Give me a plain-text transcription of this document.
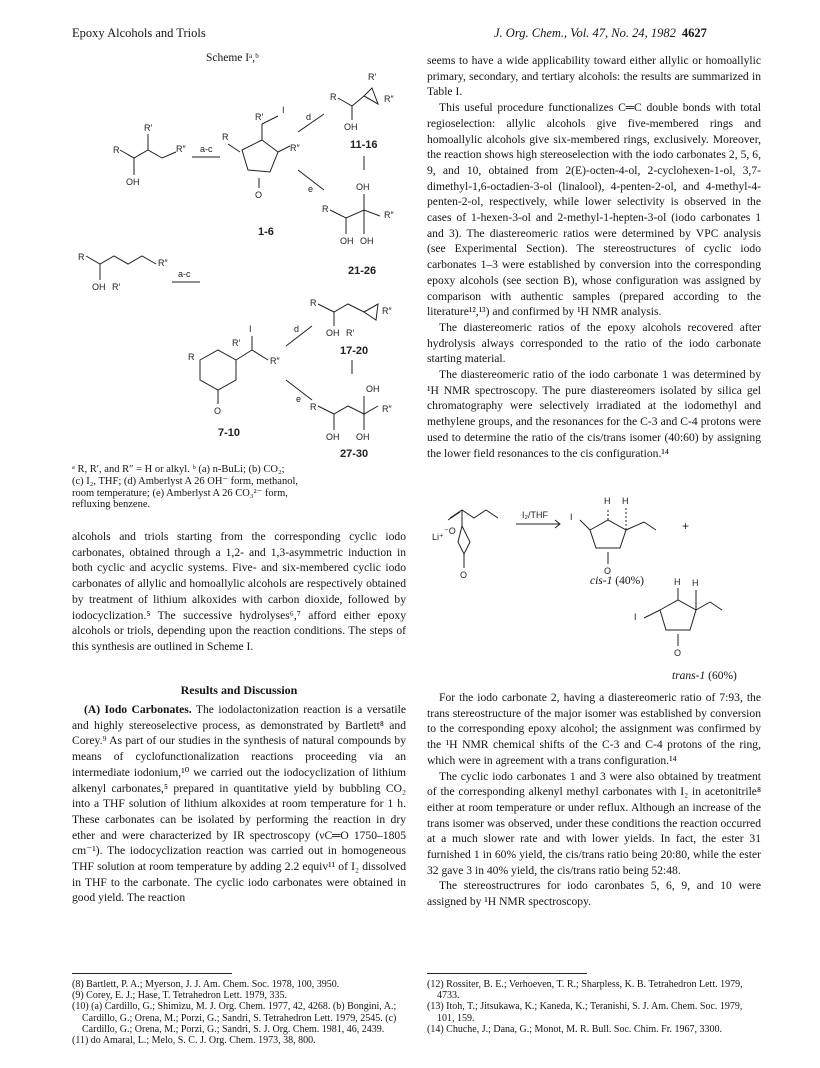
Epoxy Alcohols and Triols	J. Org. Chem., Vol. 47, No. 24, 1982 4627
Scheme Iᵃ,ᵇ
R
R′
R″
OH
a-c
R
R′
I
R″
O
1-6
d
e
R
R′
R″
OH
11-16
R
OH
R″
OH OH
21-26
R
OH R′
R″
a-c
R
R′
I
R″
O
7-10
d
e
R
OH R′
R″
17-20
R
OH
R″
OH OH
27-30
ᵃ R, R′, and R″ = H or alkyl. ᵇ (a) n-BuLi; (b) CO₂;
(c) I₂, THF; (d) Amberlyst A 26 OH⁻ form, methanol,
room temperature; (e) Amberlyst A 26 CO₃²⁻ form,
refluxing benzene.

alcohols and triols starting from the corresponding cyclic iodo carbonates, obtained through a 1,2- and 1,3-asymmetric induction in both cyclic and acyclic systems. Five- and six-membered cyclic iodo carbonates of allylic and homoallylic alcohols are respectively obtained by treatment of lithium alkoxides with carbon dioxide, followed by iodocyclization.⁵ The successive hydrolyses⁶,⁷ afford either epoxy alcohols or triols, depending upon the reaction conditions. The steps of this synthesis are outlined in Scheme I.

Results and Discussion

(A) Iodo Carbonates. The iodolactonization reaction is a versatile and highly stereoselective process, as demonstrated by Bartlett⁸ and Corey.⁹ As part of our studies in the synthesis of natural compounds by means of cyclofunctionalization reactions proceeding via an intermediate iodonium,¹⁰ we carried out the iodocyclization of lithium alkenyl carbonates,⁵ prepared in quantitative yield by bubbling CO₂ into a THF solution of lithium alkoxides at room temperature for 1 h. These carbonates can be isolated by performing the reaction in dry ether and were characterized by IR spectroscopy (νC═O 1750–1805 cm⁻¹). The iodocyclization reaction was carried out in homogeneous THF solution at room temperature by adding 2.2 equiv¹¹ of I₂ dissolved in THF to the carbonate. The cyclic iodo carbonates were obtained in good yield. The reaction

seems to have a wide applicability toward either allylic or homoallylic primary, secondary, and tertiary alcohols: the results are summarized in Table I.

This useful procedure functionalizes C═C double bonds with total regioselection: allylic alcohols give five-membered rings and homoallylic alcohols give six-membered rings, exclusively. Moreover, the reaction shows high stereoselection with the iodo carbonates 2, 5, 6, 9, and 10, obtained from 2(E)-octen-4-ol, 2-cyclohexen-1-ol, 3,7-dimethyl-1,6-octadien-3-ol (linalool), 4-penten-2-ol, and 4-methyl-4-penten-2-ol, respectively, while lower selectivity is observed in the cases of 1-hexen-3-ol and 2-methyl-1-hepten-3-ol (iodo carbonates 1 and 3). The diastereomeric ratios were determined by VPC analysis (see Experimental Section). The stereostructures of cyclic iodo carbonates 1–3 were established by conversion into the corresponding epoxy alcohols (see section B), whose configuration was assigned by comparison with authentic samples (prepared according to the literature¹²,¹³) and confirmed by ¹H NMR analysis.

The diastereomeric ratios of the epoxy alcohols recovered after hydrolysis always corresponded to the ratio of the iodo carbonate starting material.

The diastereomeric ratio of the iodo carbonate 1 was determined by ¹H NMR spectroscopy. The pure diastereomers isolated by silica gel chromatography were selectively irradiated at the iodomethyl and methylene groups, and the resonances for the C-3 and C-4 protons were used to determine the ratio of the cis/trans isomer (40:60) by assigning the lower field resonances to the cis configuration.¹⁴

Li⁺
⁻O
O
I₂/THF
H H
I
O
+
H H
I
O
cis-1 (40%)
trans-1 (60%)

For the iodo carbonate 2, having a diastereomeric ratio of 7:93, the trans stereostructure of the major isomer was established by conversion to the corresponding epoxy alcohol; the assignment was confirmed by the ¹H NMR chemical shifts of the C-3 and C-4 protons of the ring, which were in agreement with a trans configuration.¹⁴

The cyclic iodo carbonates 1 and 3 were also obtained by treatment of the corresponding alkenyl methyl carbonates with I₂ in acetonitrile⁸ either at room temperature or under reflux. Although an increase of the trans isomer was observed, under these conditions the reaction occurred at a much slower rate and with lower yields. In fact, the ester 31 furnished 1 in 60% yield, the cis/trans ratio being 20:80, while the ester 32 gave 3 in 40% yield, the cis/trans ratio being 52:48.

The stereostructrures for iodo caronbates 5, 6, 9, and 10 were assigned by ¹H NMR spectroscopy.

(8) Bartlett, P. A.; Myerson, J. J. Am. Chem. Soc. 1978, 100, 3950.
(9) Corey, E. J.; Hase, T. Tetrahedron Lett. 1979, 335.
(10) (a) Cardillo, G.; Shimizu, M. J. Org. Chem. 1977, 42, 4268. (b) Bongini, A.; Cardillo, G.; Orena, M.; Porzi, G.; Sandri, S. Tetrahedron Lett. 1979, 2545. (c) Cardillo, G.; Orena, M.; Porzi, G.; Sandri, S. J. Org. Chem. 1981, 46, 2439.
(11) do Amaral, L.; Melo, S. C. J. Org. Chem. 1973, 38, 800.
(12) Rossiter, B. E.; Verhoeven, T. R.; Sharpless, K. B. Tetrahedron Lett. 1979, 4733.
(13) Itoh, T.; Jitsukawa, K.; Kaneda, K.; Teranishi, S. J. Am. Chem. Soc. 1979, 101, 159.
(14) Chuche, J.; Dana, G.; Monot, M. R. Bull. Soc. Chim. Fr. 1967, 3300.
